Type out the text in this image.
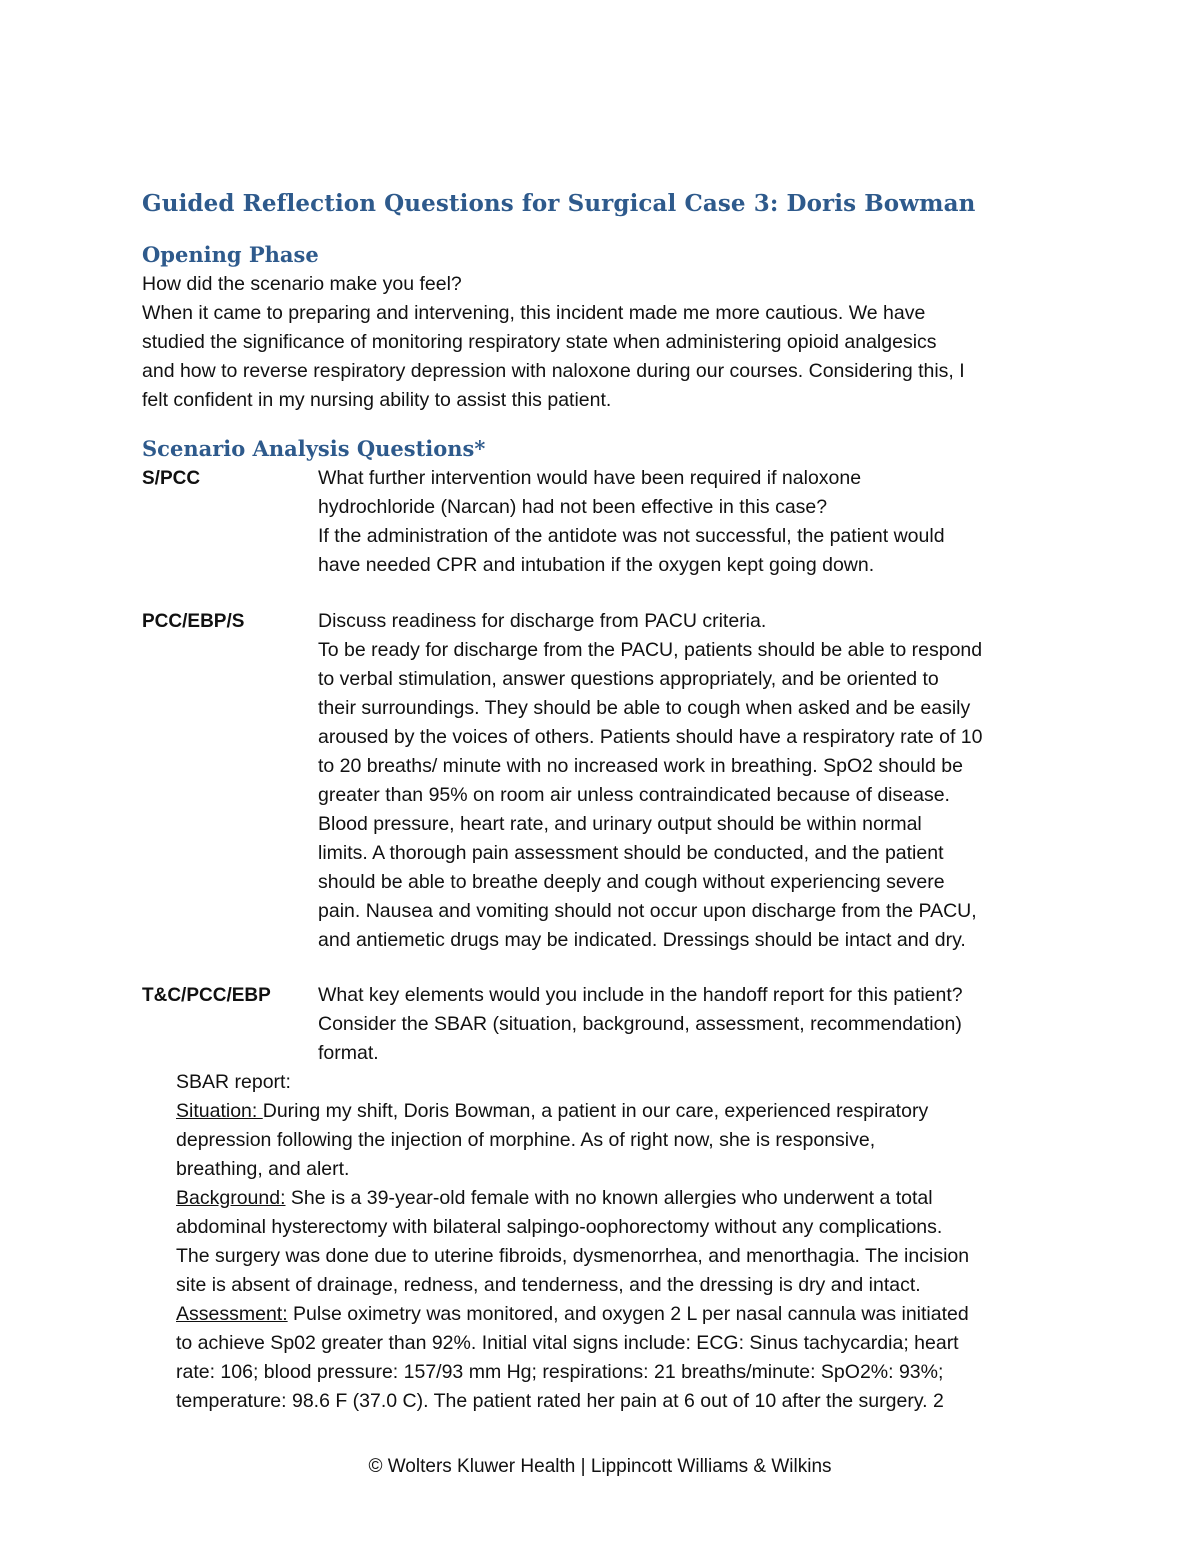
Guided Reflection Questions for Surgical Case 3: Doris Bowman
Opening Phase
How did the scenario make you feel?
When it came to preparing and intervening, this incident made me more cautious. We have
studied the significance of monitoring respiratory state when administering opioid analgesics
and how to reverse respiratory depression with naloxone during our courses. Considering this, I
felt confident in my nursing ability to assist this patient.
Scenario Analysis Questions*
S/PCC	What further intervention would have been required if naloxone
hydrochloride (Narcan) had not been effective in this case?
If the administration of the antidote was not successful, the patient would
have needed CPR and intubation if the oxygen kept going down.
PCC/EBP/S	Discuss readiness for discharge from PACU criteria.
To be ready for discharge from the PACU, patients should be able to respond
to verbal stimulation, answer questions appropriately, and be oriented to
their surroundings. They should be able to cough when asked and be easily
aroused by the voices of others. Patients should have a respiratory rate of 10
to 20 breaths/ minute with no increased work in breathing. SpO2 should be
greater than 95% on room air unless contraindicated because of disease.
Blood pressure, heart rate, and urinary output should be within normal
limits. A thorough pain assessment should be conducted, and the patient
should be able to breathe deeply and cough without experiencing severe
pain. Nausea and vomiting should not occur upon discharge from the PACU,
and antiemetic drugs may be indicated. Dressings should be intact and dry.
T&C/PCC/EBP What key elements would you include in the handoff report for this patient?
Consider the SBAR (situation, background, assessment, recommendation)
format.
SBAR report:
Situation: During my shift, Doris Bowman, a patient in our care, experienced respiratory
depression following the injection of morphine. As of right now, she is responsive,
breathing, and alert.
Background: She is a 39-year-old female with no known allergies who underwent a total
abdominal hysterectomy with bilateral salpingo-oophorectomy without any complications.
The surgery was done due to uterine fibroids, dysmenorrhea, and menorthagia. The incision
site is absent of drainage, redness, and tenderness, and the dressing is dry and intact.
Assessment: Pulse oximetry was monitored, and oxygen 2 L per nasal cannula was initiated
to achieve Sp02 greater than 92%. Initial vital signs include: ECG: Sinus tachycardia; heart
rate: 106; blood pressure: 157/93 mm Hg; respirations: 21 breaths/minute: SpO2%: 93%;
temperature: 98.6 F (37.0 C). The patient rated her pain at 6 out of 10 after the surgery. 2
© Wolters Kluwer Health | Lippincott Williams & Wilkins
